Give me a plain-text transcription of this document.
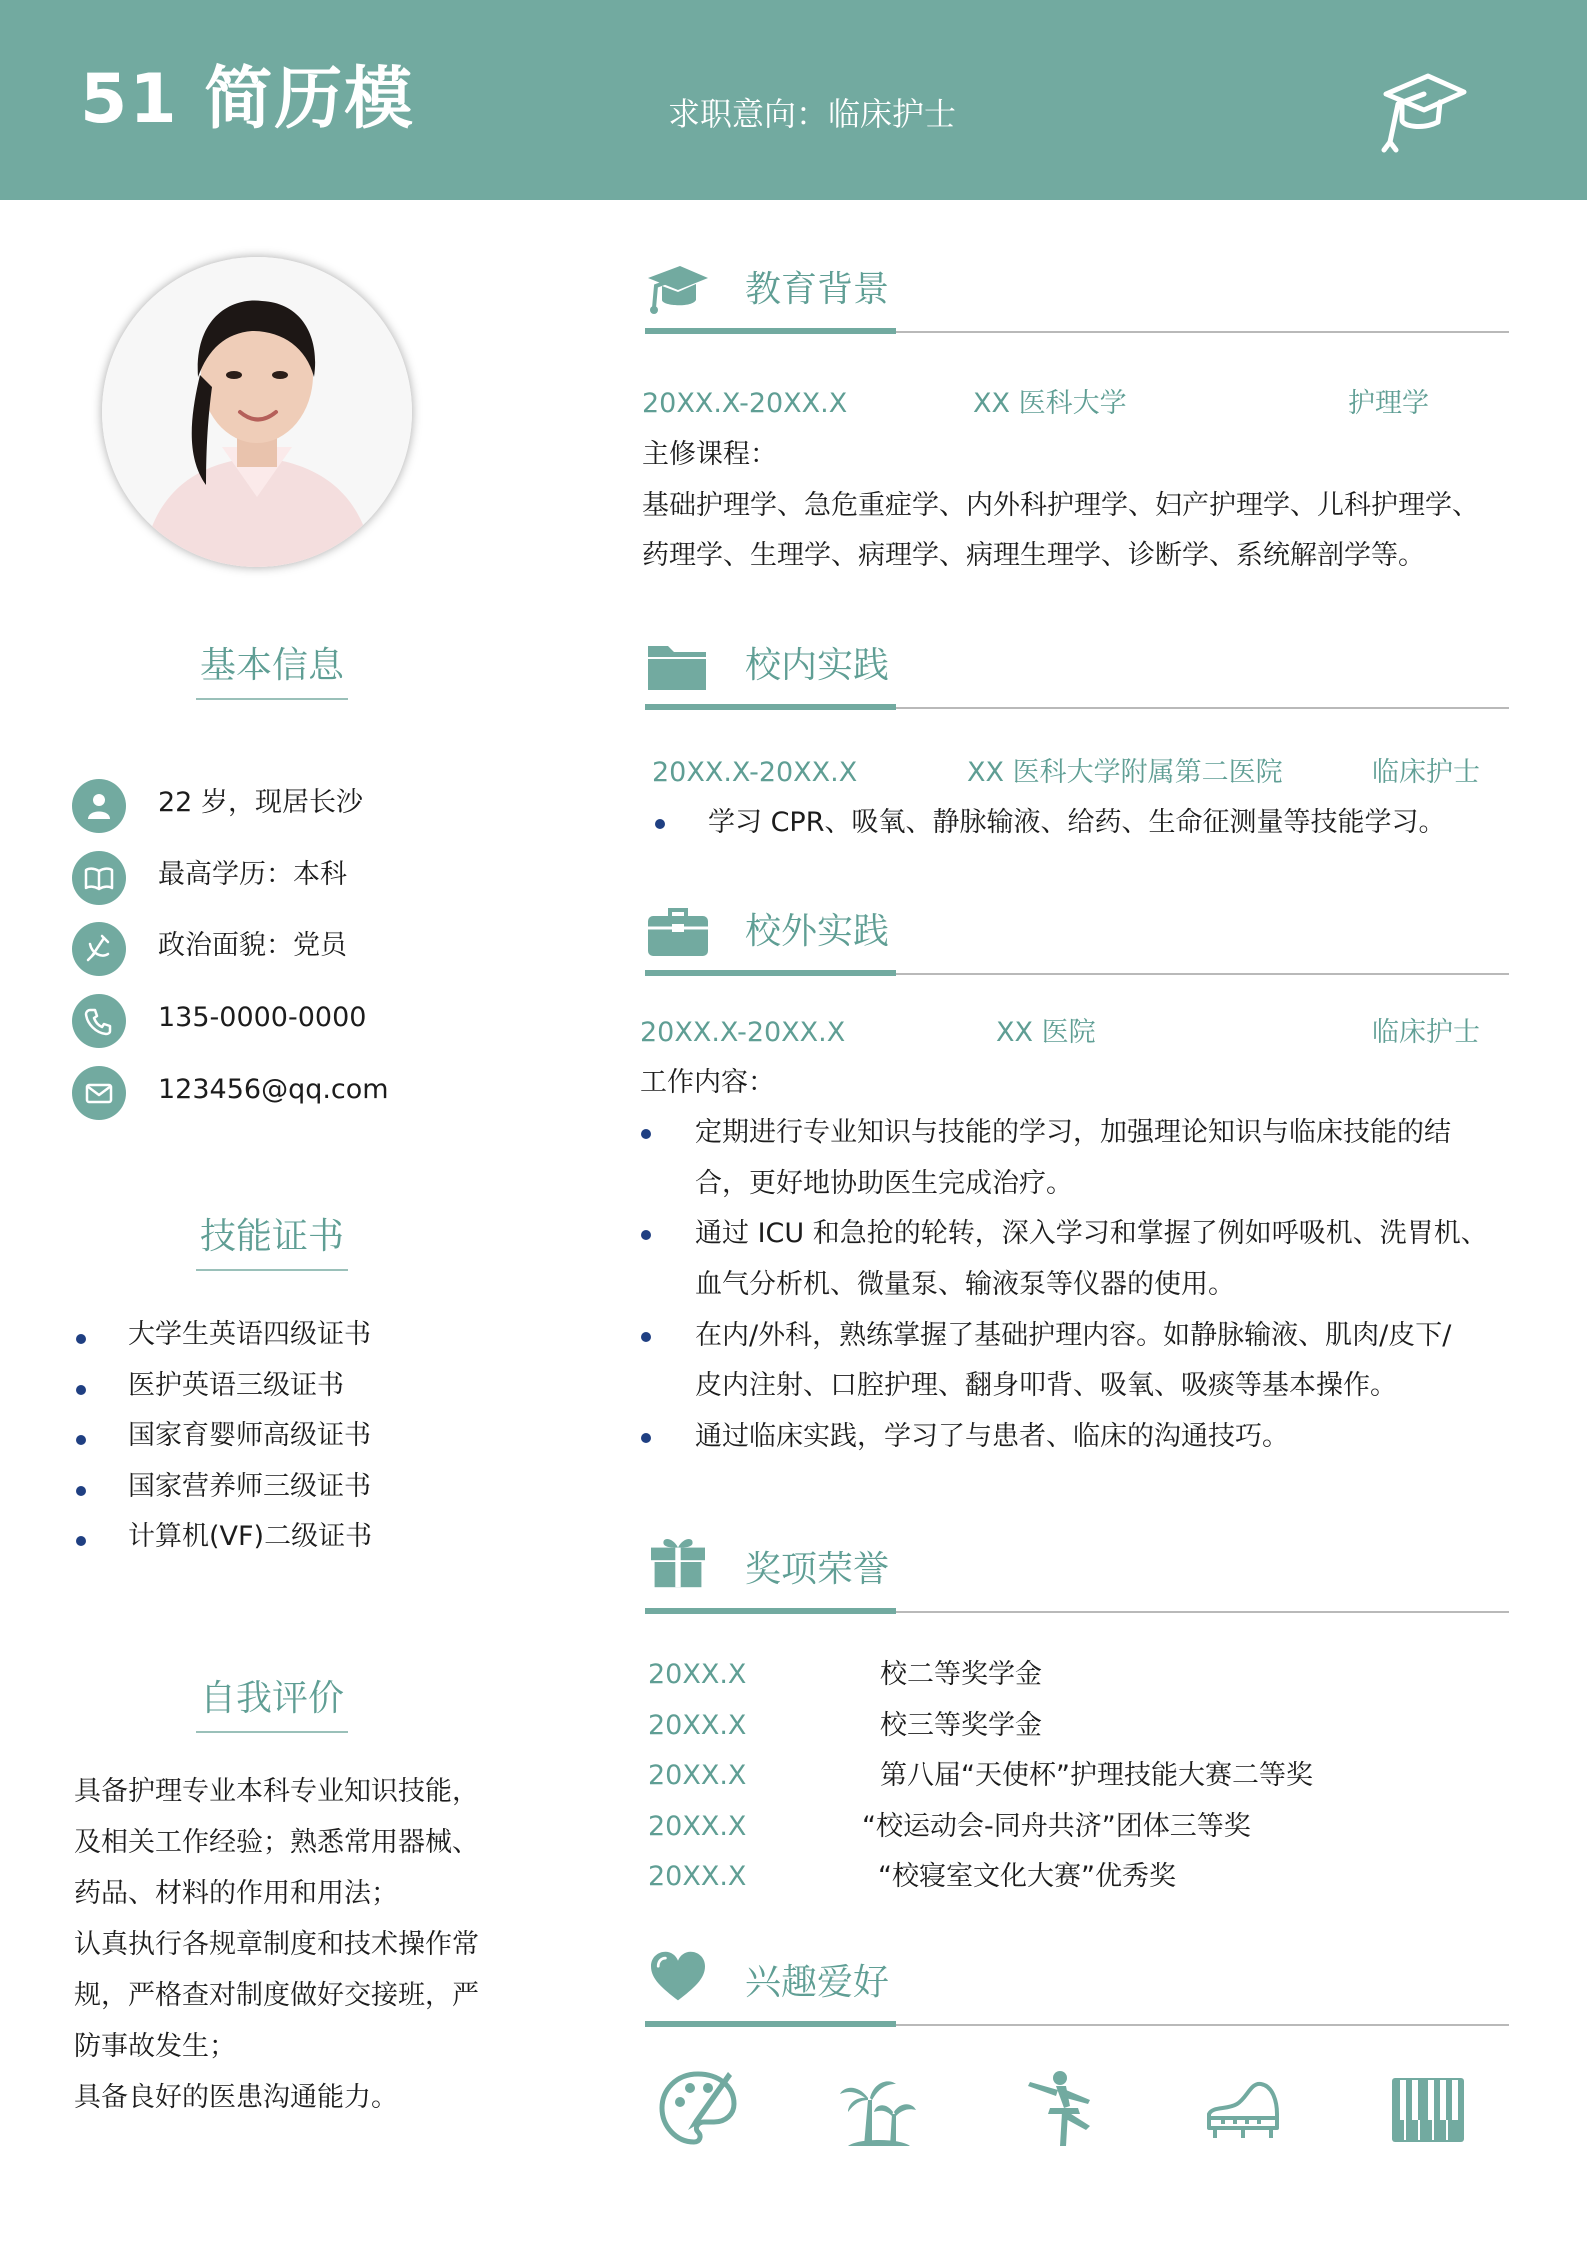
51 简历模	求职意向：临床护士
基本信息
22 岁，现居长沙
最高学历：本科
政治面貌：党员
135-0000-0000
123456@qq.com
技能证书
大学生英语四级证书
医护英语三级证书
国家育婴师高级证书
国家营养师三级证书
计算机(VF)二级证书
自我评价
具备护理专业本科专业知识技能，
及相关工作经验；熟悉常用器械、
药品、材料的作用和用法；
认真执行各规章制度和技术操作常
规，严格查对制度做好交接班，严
防事故发生；
具备良好的医患沟通能力。
教育背景
20XX.X-20XX.X	XX 医科大学	护理学
主修课程：
基础护理学、急危重症学、内外科护理学、妇产护理学、儿科护理学、
药理学、生理学、病理学、病理生理学、诊断学、系统解剖学等。
校内实践
20XX.X-20XX.X	XX 医科大学附属第二医院	临床护士
学习 CPR、吸氧、静脉输液、给药、生命征测量等技能学习。
校外实践
20XX.X-20XX.X	XX 医院	临床护士
工作内容：
定期进行专业知识与技能的学习，加强理论知识与临床技能的结
合，更好地协助医生完成治疗。
通过 ICU 和急抢的轮转，深入学习和掌握了例如呼吸机、洗胃机、
血气分析机、微量泵、输液泵等仪器的使用。
在内/外科，熟练掌握了基础护理内容。如静脉输液、肌肉/皮下/
皮内注射、口腔护理、翻身叩背、吸氧、吸痰等基本操作。
通过临床实践，学习了与患者、临床的沟通技巧。
奖项荣誉
20XX.X	校二等奖学金
20XX.X	校三等奖学金
20XX.X	第八届“天使杯”护理技能大赛二等奖
20XX.X	“校运动会-同舟共济”团体三等奖
20XX.X	“校寝室文化大赛”优秀奖
兴趣爱好
